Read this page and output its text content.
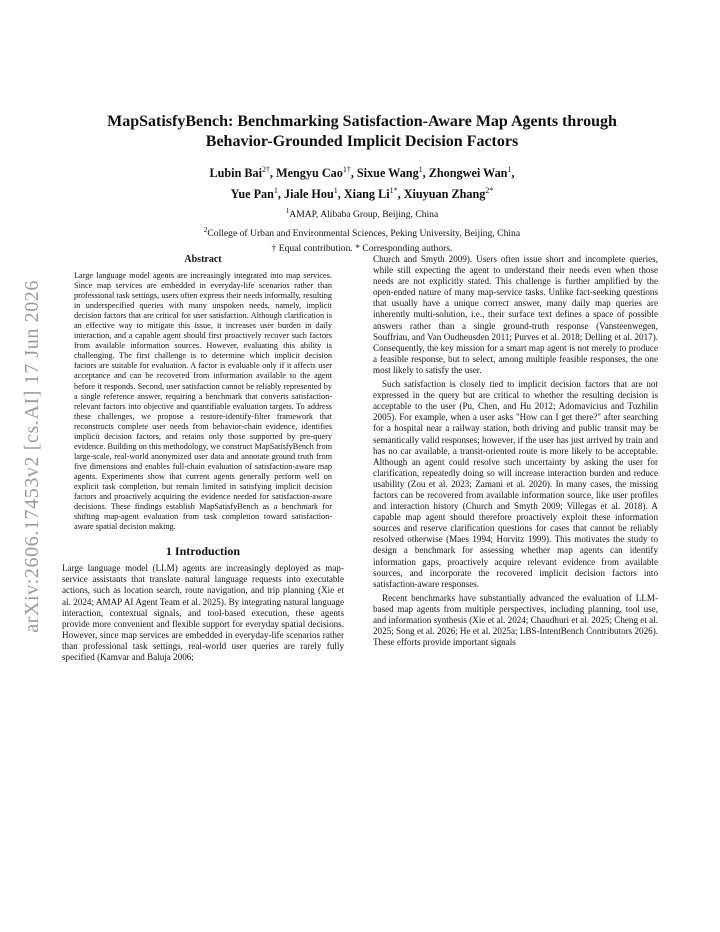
arXiv:2606.17453v2 [cs.AI] 17 Jun 2026

MapSatisfyBench: Benchmarking Satisfaction-Aware Map Agents through
Behavior-Grounded Implicit Decision Factors

Lubin Bai$^{2\dagger}$, Mengyu Cao$^{1\dagger}$, Sixue Wang$^1$, Zhongwei Wan$^1$,
Yue Pan$^1$, Jiale Hou$^1$, Xiang $Li^{1*}$, Xiuyuan Zhang$^{2*}$
$^1$AMAP, Alibaba Group, Beijing, China
$^2$College of Urban and Environmental Sciences, Peking University, Beijing, China
† Equal contribution. * Corresponding authors.

Abstract

Large language model agents are increasingly integrated into map services. Since map services are embedded in everyday-life scenarios rather than professional task settings, users often express their needs informally, resulting in underspecified queries with many unspoken needs, namely, implicit decision factors that are critical for user satisfaction. Although clarification is an effective way to mitigate this issue, it increases user burden in daily interaction, and a capable agent should first proactively recover such factors from available information sources. However, evaluating this ability is challenging. The first challenge is to determine which implicit decision factors are suitable for evaluation. A factor is evaluable only if it affects user acceptance and can be recovered from information available to the agent before it responds. Second, user satisfaction cannot be reliably represented by a single reference answer, requiring a benchmark that converts satisfaction-relevant factors into objective and quantifiable evaluation targets. To address these challenges, we propose a restore-identify-filter framework that reconstructs complete user needs from behavior-chain evidence, identifies implicit decision factors, and retains only those supported by pre-query evidence. Building on this methodology, we construct MapSatisfyBench from large-scale, real-world anonymized user data and annotate ground truth from five dimensions and enables full-chain evaluation of satisfaction-aware map agents. Experiments show that current agents generally perform well on explicit task completion, but remain limited in satisfying implicit decision factors and proactively acquiring the evidence needed for satisfaction-aware decisions. These findings establish MapSatisfyBench as a benchmark for shifting map-agent evaluation from task completion toward satisfaction-aware spatial decision making.

1 Introduction

Large language model (LLM) agents are increasingly deployed as map-service assistants that translate natural language requests into executable actions, such as location search, route navigation, and trip planning (Xie et al. 2024; AMAP AI Agent Team et al. 2025). By integrating natural language interaction, contextual signals, and tool-based execution, these agents provide more convenient and flexible support for everyday spatial decisions. However, since map services are embedded in everyday-life scenarios rather than professional task settings, real-world user queries are rarely fully specified (Kamvar and Baluja 2006;

Church and Smyth 2009). Users often issue short and incomplete queries, while still expecting the agent to understand their needs even when those needs are not explicitly stated. This challenge is further amplified by the open-ended nature of many map-service tasks. Unlike fact-seeking questions that usually have a unique correct answer, many daily map queries are inherently multi-solution, i.e., their surface text defines a space of possible answers rather than a single ground-truth response (Vansteenwegen, Souffriau, and Van Oudheusden 2011; Purves et al. 2018; Delling et al. 2017). Consequently, the key mission for a smart map agent is not merely to produce a feasible response, but to select, among multiple feasible responses, the one most likely to satisfy the user.

Such satisfaction is closely tied to implicit decision factors that are not expressed in the query but are critical to whether the resulting decision is acceptable to the user (Pu, Chen, and Hu 2012; Adomavicius and Tuzhilin 2005). For example, when a user asks "How can I get there?" after searching for a hospital near a railway station, both driving and public transit may be semantically valid responses; however, if the user has just arrived by train and has no car available, a transit-oriented route is more likely to be acceptable. Although an agent could resolve such uncertainty by asking the user for clarification, repeatedly doing so will increase interaction burden and reduce usability (Zou et al. 2023; Zamani et al. 2020). In many cases, the missing factors can be recovered from available information source, like user profiles and interaction history (Church and Smyth 2009; Villegas et al. 2018). A capable map agent should therefore proactively exploit these information sources and reserve clarification questions for cases that cannot be reliably resolved otherwise (Maes 1994; Horvitz 1999). This motivates the study to design a benchmark for assessing whether map agents can identify information gaps, proactively acquire relevant evidence from available sources, and incorporate the recovered implicit decision factors into satisfaction-aware responses.

Recent benchmarks have substantially advanced the evaluation of LLM-based map agents from multiple perspectives, including planning, tool use, and information synthesis (Xie et al. 2024; Chaudhuri et al. 2025; Cheng et al. 2025; Song et al. 2026; He et al. 2025a; LBS-IntentBench Contributors 2026). These efforts provide important signals
